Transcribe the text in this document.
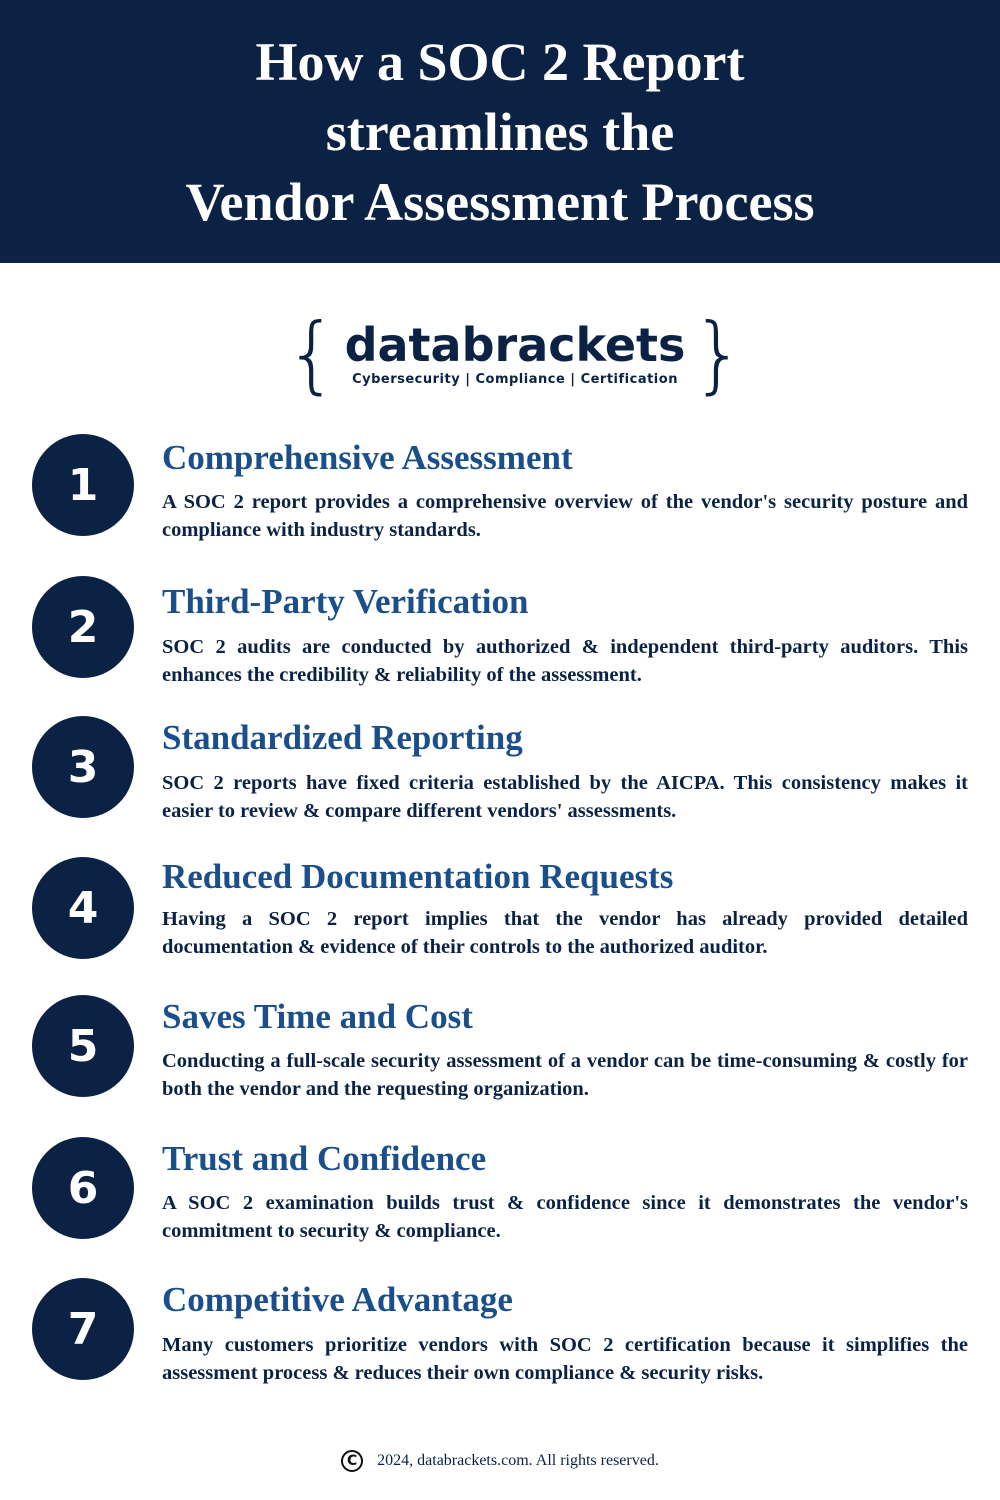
How a SOC 2 Report
streamlines the
Vendor Assessment Process
{ databrackets
Cybersecurity | Compliance | Certification }
1
Comprehensive Assessment
A SOC 2 report provides a comprehensive overview of the vendor's security posture and compliance with industry standards.
2	Third-Party Verification
SOC 2 audits are conducted by authorized & independent third-party auditors. This enhances the credibility & reliability of the assessment.
3
Standardized Reporting
SOC 2 reports have fixed criteria established by the AICPA. This consistency makes it easier to review & compare different vendors' assessments.
4
Reduced Documentation Requests
Having a SOC 2 report implies that the vendor has already provided detailed documentation & evidence of their controls to the authorized auditor.
5
Saves Time and Cost
Conducting a full-scale security assessment of a vendor can be time-consuming & costly for both the vendor and the requesting organization.
6
Trust and Confidence
A SOC 2 examination builds trust & confidence since it demonstrates the vendor's commitment to security & compliance.
7
Competitive Advantage
Many customers prioritize vendors with SOC 2 certification because it simplifies the assessment process & reduces their own compliance & security risks.
C	2024, databrackets.com. All rights reserved.
